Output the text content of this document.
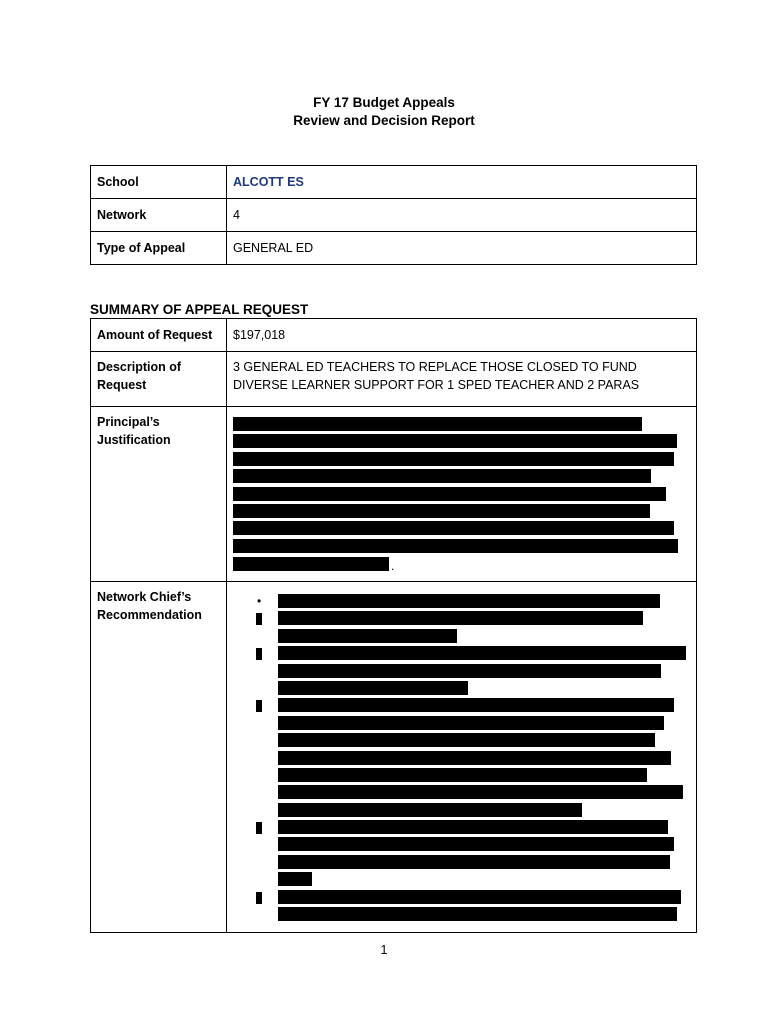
FY 17 Budget Appeals
Review and Decision Report
School	ALCOTT ES
Network	4
Type of Appeal	GENERAL ED
SUMMARY OF APPEAL REQUEST
Amount of Request	$197,018
Description of Request	3 GENERAL ED TEACHERS TO REPLACE THOSE CLOSED TO FUND DIVERSE LEARNER SUPPORT FOR 1 SPED TEACHER AND 2 PARAS
Principal’s Justification	.

Network Chief’s Recommendation	•
1
